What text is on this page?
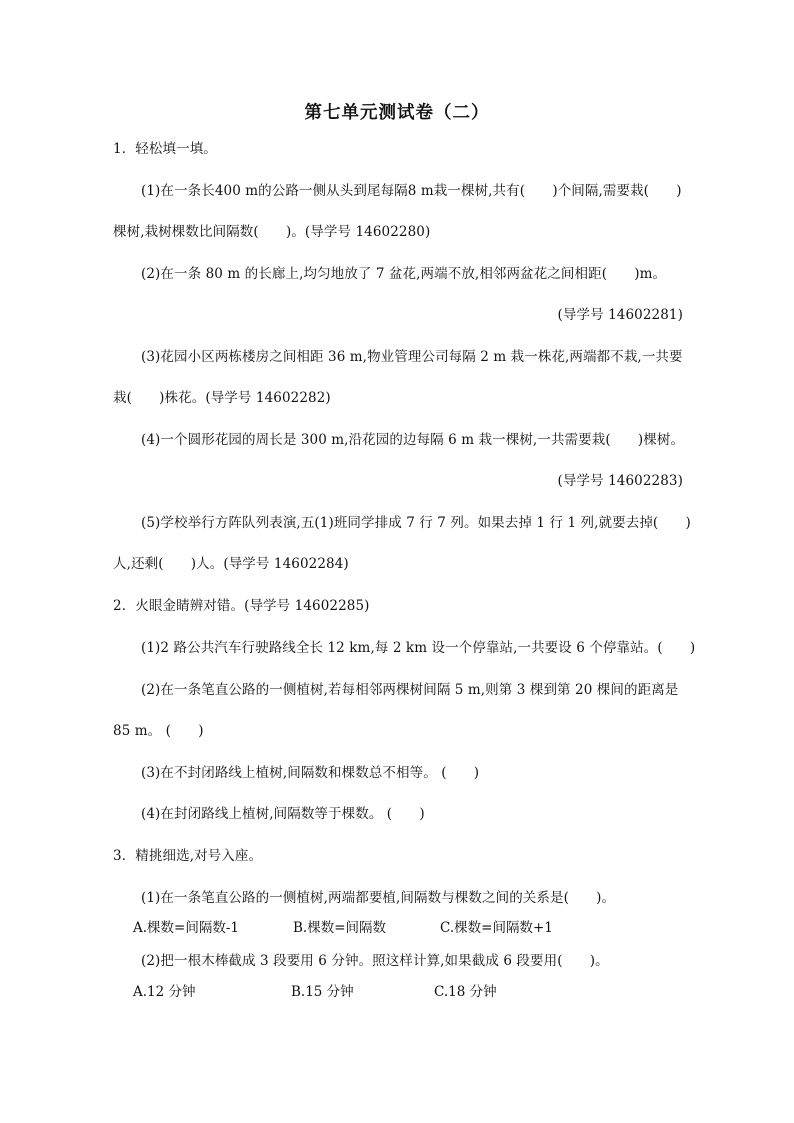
第七单元测试卷（二）
1．轻松填一填。
(1)在一条长400 m的公路一侧从头到尾每隔8 m栽一棵树,共有(　　)个间隔,需要栽(　　)
棵树,栽树棵数比间隔数(　　)。(导学号 14602280)
(2)在一条 80 m 的长廊上,均匀地放了 7 盆花,两端不放,相邻两盆花之间相距(　　)m。
(导学号 14602281)
(3)花园小区两栋楼房之间相距 36 m,物业管理公司每隔 2 m 栽一株花,两端都不栽,一共要
栽(　　)株花。(导学号 14602282)
(4)一个圆形花园的周长是 300 m,沿花园的边每隔 6 m 栽一棵树,一共需要栽(　　)棵树。
(导学号 14602283)
(5)学校举行方阵队列表演,五(1)班同学排成 7 行 7 列。如果去掉 1 行 1 列,就要去掉(　　)
人,还剩(　　)人。(导学号 14602284)
2．火眼金睛辨对错。(导学号 14602285)
(1)2 路公共汽车行驶路线全长 12 km,每 2 km 设一个停靠站,一共要设 6 个停靠站。(　　)
(2)在一条笔直公路的一侧植树,若每相邻两棵树间隔 5 m,则第 3 棵到第 20 棵间的距离是
85 m。 (　　)
(3)在不封闭路线上植树,间隔数和棵数总不相等。 (　　)
(4)在封闭路线上植树,间隔数等于棵数。 (　　)
3．精挑细选,对号入座。
(1)在一条笔直公路的一侧植树,两端都要植,间隔数与棵数之间的关系是(　　)。
A.棵数=间隔数-1	B.棵数=间隔数	C.棵数=间隔数+1
(2)把一根木棒截成 3 段要用 6 分钟。照这样计算,如果截成 6 段要用(　　)。
A.12 分钟	B.15 分钟	C.18 分钟
